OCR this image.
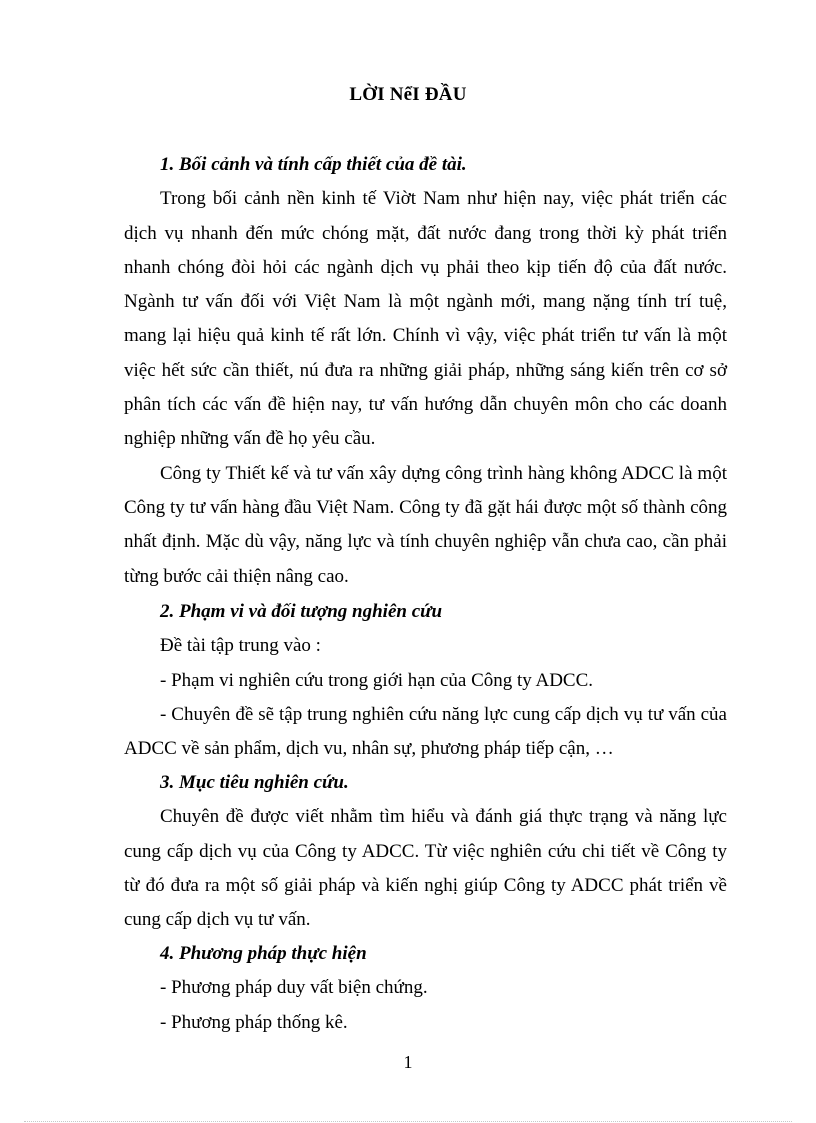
LỜI NểI ĐẦU

1. Bối cảnh và tính cấp thiết của đề tài.

Trong bối cảnh nền kinh tế Viờt Nam như hiện nay, việc phát triển các dịch vụ nhanh đến mức chóng mặt, đất nước đang trong thời kỳ phát triển nhanh chóng đòi hỏi các ngành dịch vụ phải theo kịp tiến độ của đất nước. Ngành tư vấn đối với Việt Nam là một ngành mới, mang nặng tính trí tuệ, mang lại hiệu quả kinh tế rất lớn. Chính vì vậy, việc phát triển tư vấn là một việc hết sức cần thiết, nú đưa ra những giải pháp, những sáng kiến trên cơ sở phân tích các vấn đề hiện nay, tư vấn hướng dẫn chuyên môn cho các doanh nghiệp những vấn đề họ yêu cầu.

Công ty Thiết kế và tư vấn xây dựng công trình hàng không ADCC là một Công ty tư vấn hàng đầu Việt Nam. Công ty đã gặt hái được một số thành công nhất định. Mặc dù vậy, năng lực và tính chuyên nghiệp vẫn chưa cao, cần phải từng bước cải thiện nâng cao.

2. Phạm vi và đối tượng nghiên cứu

Đề tài tập trung vào :

- Phạm vi nghiên cứu trong giới hạn của Công ty ADCC.

- Chuyên đề sẽ tập trung nghiên cứu năng lực cung cấp dịch vụ tư vấn của ADCC về sản phẩm, dịch vu, nhân sự, phương pháp tiếp cận, …

3. Mục tiêu nghiên cứu.

Chuyên đề được viết nhằm tìm hiểu và đánh giá thực trạng và năng lực cung cấp dịch vụ của Công ty ADCC. Từ việc nghiên cứu chi tiết về Công ty từ đó đưa ra một số giải pháp và kiến nghị giúp Công ty ADCC phát triển về cung cấp dịch vụ tư vấn.

4. Phương pháp thực hiện

- Phương pháp duy vất biện chứng.

- Phương pháp thống kê.

1
